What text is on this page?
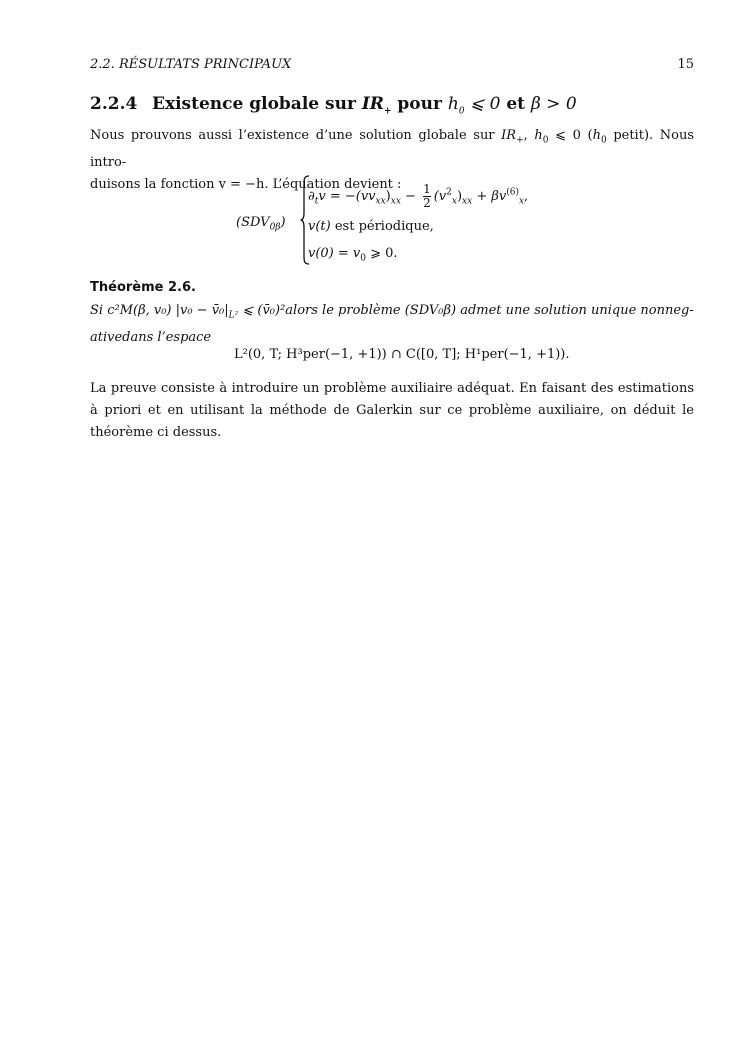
2.2. RÉSULTATS PRINCIPAUX	15
2.2.4 Existence globale sur $IR_+$ pour $h_0$ ⩽ 0 et β > 0
Nous prouvons aussi l’existence d’une solution globale sur $IR_+$, $h_0$ ⩽ 0 ($h_0$ petit). Nous intro-
duisons la fonction v = −h. L’équation devient :
$(SDV_{0\beta})$
$\partial_tv = -(vv_{xx})_{xx} - \frac{1}{2} (v^2_x)_{xx} + \beta v^{(6)}_x$,
v(t) est périodique,
$v(0) = v_0$ ⩾ 0.
Théorème 2.6.
Si c²M(β, v₀) $|v_0 - v̄_0|_{L^2}$ ⩽ (v̄₀)²alors le problème (SDV₀β) admet une solution unique nonneg-
ativedans l’espace
L²(0, T; H³per(−1, +1)) ∩ C([0, T]; H¹per(−1, +1)).
La preuve consiste à introduire un problème auxiliaire adéquat. En faisant des estimations à priori et en utilisant la méthode de Galerkin sur ce problème auxiliaire, on déduit le théorème ci dessus.
